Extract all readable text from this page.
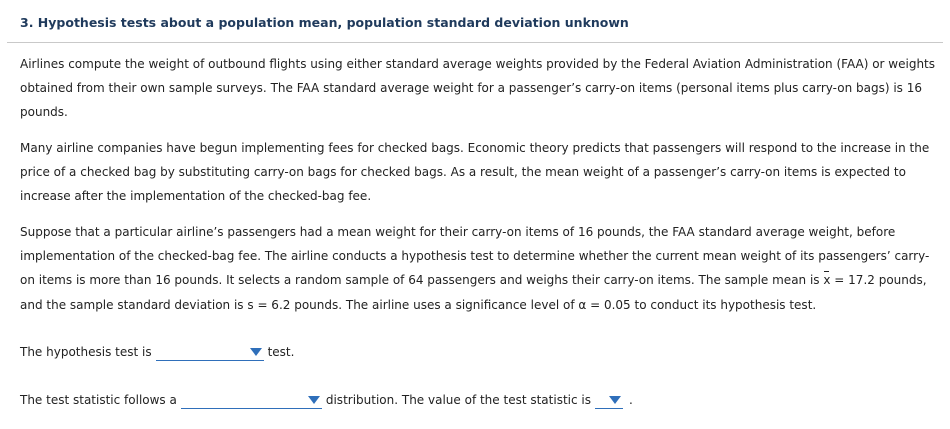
3. Hypothesis tests about a population mean, population standard deviation unknown

Airlines compute the weight of outbound flights using either standard average weights provided by the Federal Aviation Administration (FAA) or weights obtained from their own sample surveys. The FAA standard average weight for a passenger’s carry-on items (personal items plus carry-on bags) is 16 pounds.

Many airline companies have begun implementing fees for checked bags. Economic theory predicts that passengers will respond to the increase in the price of a checked bag by substituting carry-on bags for checked bags. As a result, the mean weight of a passenger’s carry-on items is expected to increase after the implementation of the checked-bag fee.

Suppose that a particular airline’s passengers had a mean weight for their carry-on items of 16 pounds, the FAA standard average weight, before implementation of the checked-bag fee. The airline conducts a hypothesis test to determine whether the current mean weight of its passengers’ carry-on items is more than 16 pounds. It selects a random sample of 64 passengers and weighs their carry-on items. The sample mean is x = 17.2 pounds, and the sample standard deviation is s = 6.2 pounds. The airline uses a significance level of α = 0.05 to conduct its hypothesis test.

The hypothesis test is	test.
The test statistic follows a	distribution. The value of the test statistic is	.
